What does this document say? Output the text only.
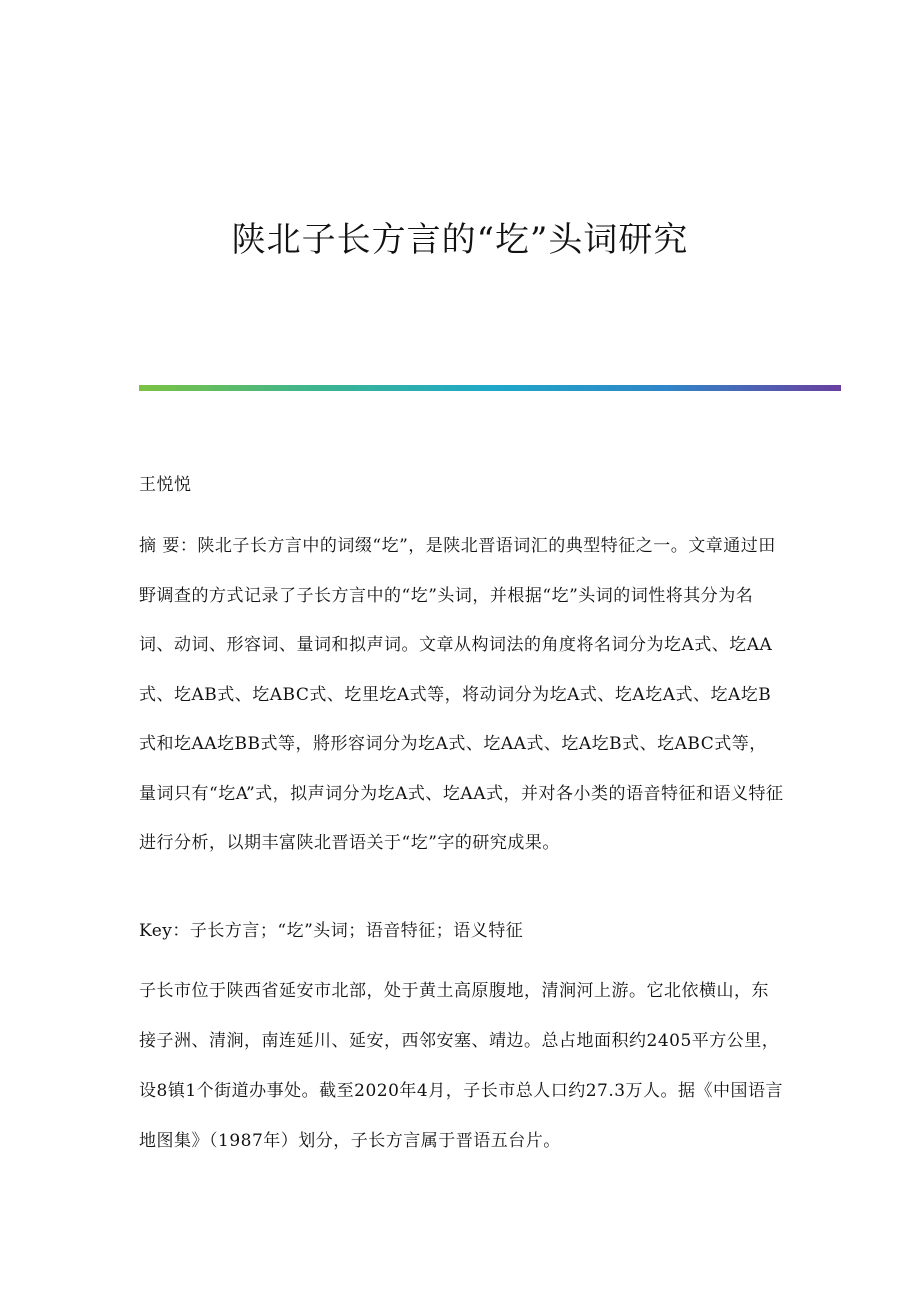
陕北子长方言的“圪”头词研究

王悦悦

摘 要：陕北子长方言中的词缀“圪”，是陕北晋语词汇的典型特征之一。文章通过田野调查的方式记录了子长方言中的“圪”头词，并根据“圪”头词的词性将其分为名词、动词、形容词、量词和拟声词。文章从构词法的角度将名词分为圪A式、圪AA式、圪AB式、圪ABC式、圪里圪A式等，将动词分为圪A式、圪A圪A式、圪A圪B式和圪AA圪BB式等，將形容词分为圪A式、圪AA式、圪A圪B式、圪ABC式等，量词只有“圪A”式，拟声词分为圪A式、圪AA式，并对各小类的语音特征和语义特征进行分析，以期丰富陕北晋语关于“圪”字的研究成果。

Key：子长方言；“圪”头词；语音特征；语义特征

子长市位于陕西省延安市北部，处于黄土高原腹地，清涧河上游。它北依横山，东接子洲、清涧，南连延川、延安，西邻安塞、靖边。总占地面积约2405平方公里，设8镇1个街道办事处。截至2020年4月，子长市总人口约27.3万人。据《中国语言地图集》（1987年）划分，子长方言属于晋语五台片。
